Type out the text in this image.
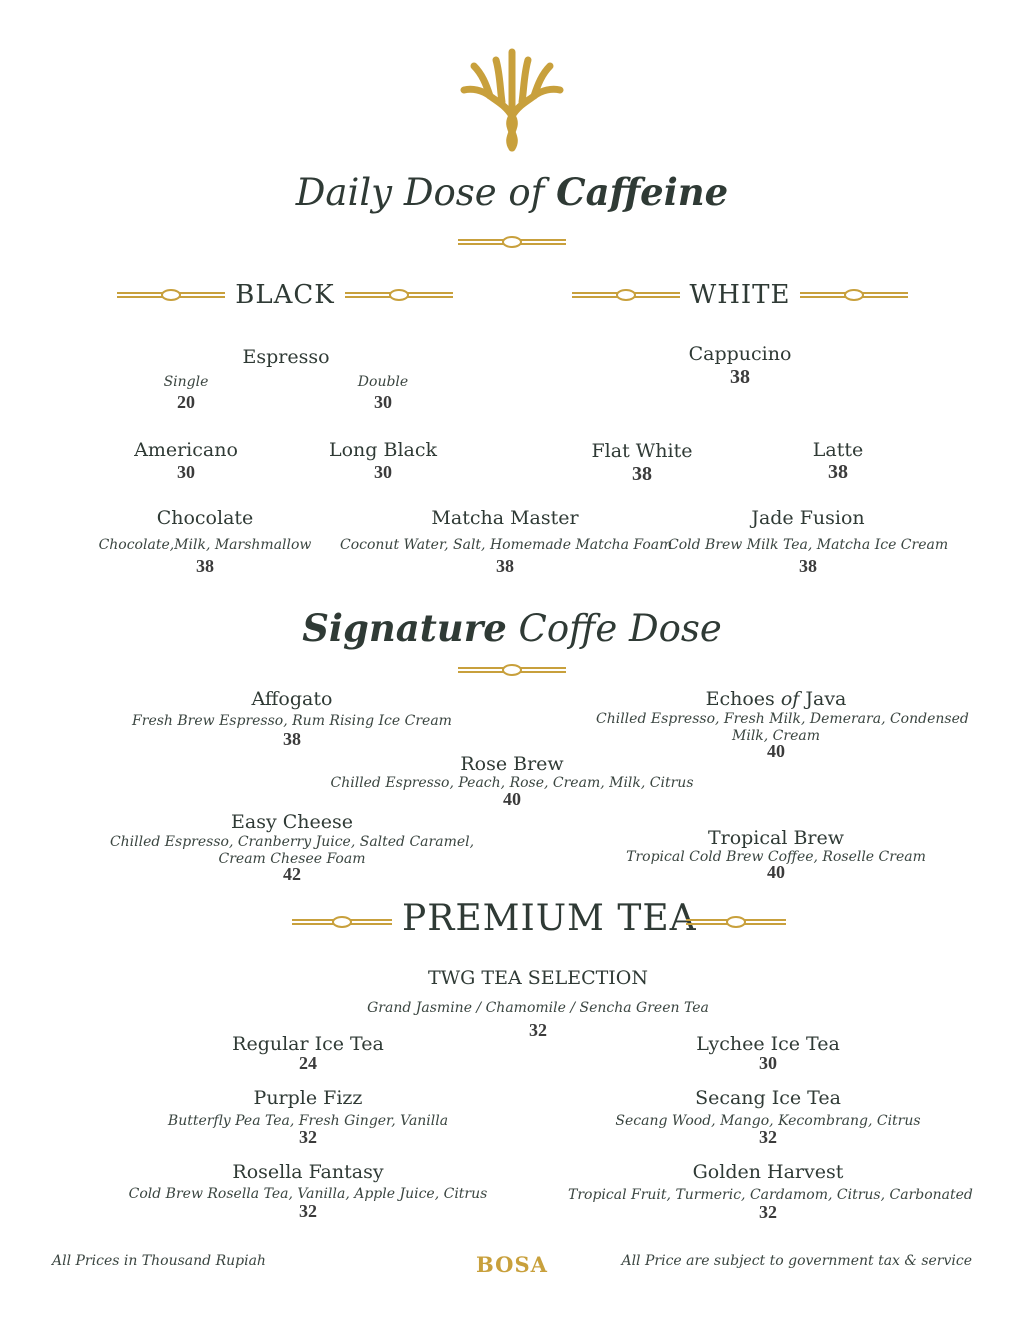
Daily Dose of Caffeine
BLACK	WHITE
Espresso
Single
20
Double
30
Americano
30
Long Black
30
Cappucino
38
Flat White
38
Latte
38
Chocolate
Chocolate,Milk, Marshmallow
38
Matcha Master
Coconut Water, Salt, Homemade Matcha Foam
38
Jade Fusion
Cold Brew Milk Tea, Matcha Ice Cream
38
Signature Coffe Dose
Affogato
Fresh Brew Espresso, Rum Rising Ice Cream
38
Echoes of Java
Chilled Espresso, Fresh Milk, Demerara, Condensed
Milk, Cream
40
Rose Brew
Chilled Espresso, Peach, Rose, Cream, Milk, Citrus
40
Easy Cheese
Chilled Espresso, Cranberry Juice, Salted Caramel,
Cream Chesee Foam
42
Tropical Brew
Tropical Cold Brew Coffee, Roselle Cream
40
PREMIUM TEA
TWG TEA SELECTION
Grand Jasmine / Chamomile / Sencha Green Tea
32
Regular Ice Tea
24
Lychee Ice Tea
30
Purple Fizz
Butterfly Pea Tea, Fresh Ginger, Vanilla
32
Secang Ice Tea
Secang Wood, Mango, Kecombrang, Citrus
32
Rosella Fantasy
Cold Brew Rosella Tea, Vanilla, Apple Juice, Citrus
32
Golden Harvest
Tropical Fruit, Turmeric, Cardamom, Citrus, Carbonated
32
All Prices in Thousand Rupiah	BOSA	All Price are subject to government tax & service
